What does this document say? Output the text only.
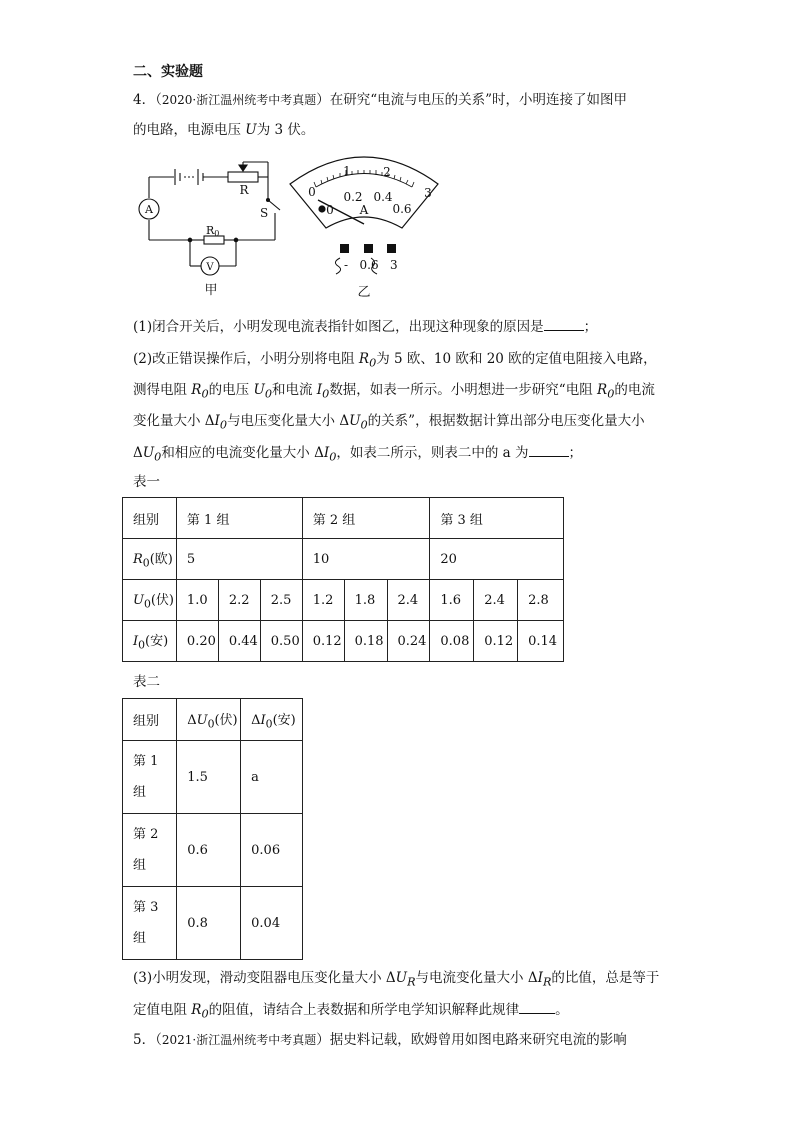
二、实验题
4．（2020·浙江温州统考中考真题）在研究“电流与电压的关系”时，小明连接了如图甲
的电路，电源电压 U为 3 伏。
A
R
S
R0
V
甲	乙
0
1	2
3
0
0.2 0.4
0.6
A
-   0.6   3
(1)闭合开关后，小明发现电流表指针如图乙，出现这种现象的原因是	；
(2)改正错误操作后，小明分别将电阻 $R_0$为 5 欧、10 欧和 20 欧的定值电阻接入电路，
测得电阻 $R_0$的电压 $U_0$和电流 $I_0$数据，如表一所示。小明想进一步研究“电阻 $R_0$的电流
变化量大小 $\Delta I_0$与电压变化量大小 $\Delta U_0$的关系”，根据数据计算出部分电压变化量大小
$\Delta U_0$和相应的电流变化量大小 $\Delta I_0$，如表二所示，则表二中的 a 为	；
表一
组别	第 1 组			第 2 组			第 3 组		
$R_0$(欧)	5			10			20		
$U_0$(伏)	1.0	2.2	2.5	1.2	1.8	2.4	1.6	2.4	2.8
$I_0$(安)	0.20	0.44	0.50	0.12	0.18	0.24	0.08	0.12	0.14
表二
组别	$\Delta U_0$(伏)	$\Delta I_0$(安)
第 1
组	1.5	a
第 2
组	0.6	0.06
第 3
组	0.8	0.04
(3)小明发现，滑动变阻器电压变化量大小 $\Delta U_R$与电流变化量大小 $\Delta I_R$的比值，总是等于
定值电阻 $R_0$的阻值，请结合上表数据和所学电学知识解释此规律	。
5．（2021·浙江温州统考中考真题）据史料记载，欧姆曾用如图电路来研究电流的影响
